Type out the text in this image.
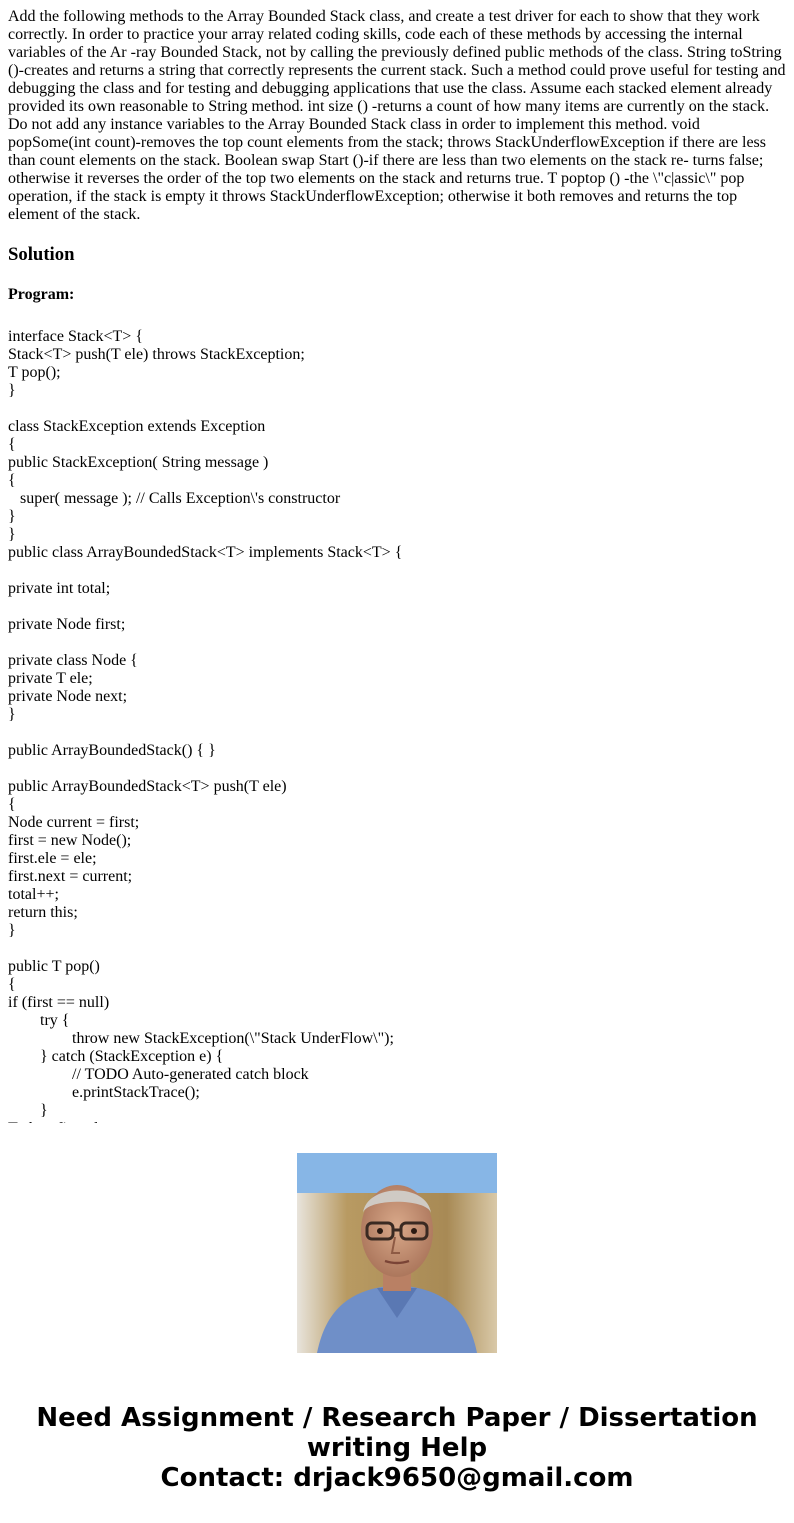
Add the following methods to the Array Bounded Stack class, and create a test driver for each to show that they work correctly. In order to practice your array related coding skills, code each of these methods by accessing the internal variables of the Ar -ray Bounded Stack, not by calling the previously defined public methods of the class. String toString ()-creates and returns a string that correctly represents the current stack. Such a method could prove useful for testing and debugging the class and for testing and debugging applications that use the class. Assume each stacked element already provided its own reasonable to String method. int size () -returns a count of how many items are currently on the stack. Do not add any instance variables to the Array Bounded Stack class in order to implement this method. void popSome(int count)-removes the top count elements from the stack; throws StackUnderflowException if there are less than count elements on the stack. Boolean swap Start ()-if there are less than two elements on the stack re- turns false; otherwise it reverses the order of the top two elements on the stack and returns true. T poptop () -the \"c|assic\" pop operation, if the stack is empty it throws StackUnderflowException; otherwise it both removes and returns the top element of the stack.

Solution

Program:

interface Stack<T> {
Stack<T> push(T ele) throws StackException;
T pop();
}

class StackException extends Exception
{
public StackException( String message )
{
super( message ); // Calls Exception\'s constructor
}
}
public class ArrayBoundedStack<T> implements Stack<T> {

private int total;

private Node first;

private class Node {
private T ele;
private Node next;
}

public ArrayBoundedStack() { }

public ArrayBoundedStack<T> push(T ele)
{
Node current = first;
first = new Node();
first.ele = ele;
first.next = current;
total++;
return this;
}

public T pop()
{
if (first == null)
	try {
		throw new StackException(\"Stack UnderFlow\");
	} catch (StackException e) {
		// TODO Auto-generated catch block
		e.printStackTrace();
	}

Need Assignment / Research Paper / Dissertation
writing Help
Contact: drjack9650@gmail.com
